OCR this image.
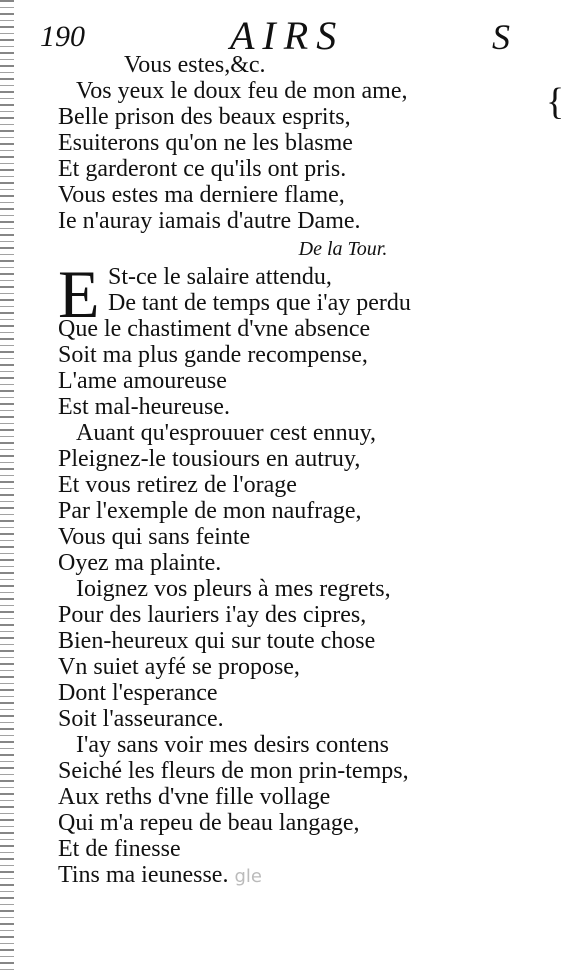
190	AIRS	S
{
Vous estes,&c.
Vos yeux le doux feu de mon ame,
Belle prison des beaux esprits,
Esuiterons qu'on ne les blasme
Et garderont ce qu'ils ont pris.
Vous estes ma derniere flame,
Ie n'auray iamais d'autre Dame.
De la Tour.
E St-ce le salaire attendu,
De tant de temps que i'ay perdu
Que le chastiment d'vne absence
Soit ma plus gande recompense,
L'ame amoureuse
Est mal-heureuse.
Auant qu'esprouuer cest ennuy,
Pleignez-le tousiours en autruy,
Et vous retirez de l'orage
Par l'exemple de mon naufrage,
Vous qui sans feinte
Oyez ma plainte.
Ioignez vos pleurs à mes regrets,
Pour des lauriers i'ay des cipres,
Bien-heureux qui sur toute chose
Vn suiet ayfé se propose,
Dont l'esperance
Soit l'asseurance.
I'ay sans voir mes desirs contens
Seiché les fleurs de mon prin-temps,
Aux reths d'vne fille vollage
Qui m'a repeu de beau langage,
Et de finesse
Tins ma ieunesse. gle
